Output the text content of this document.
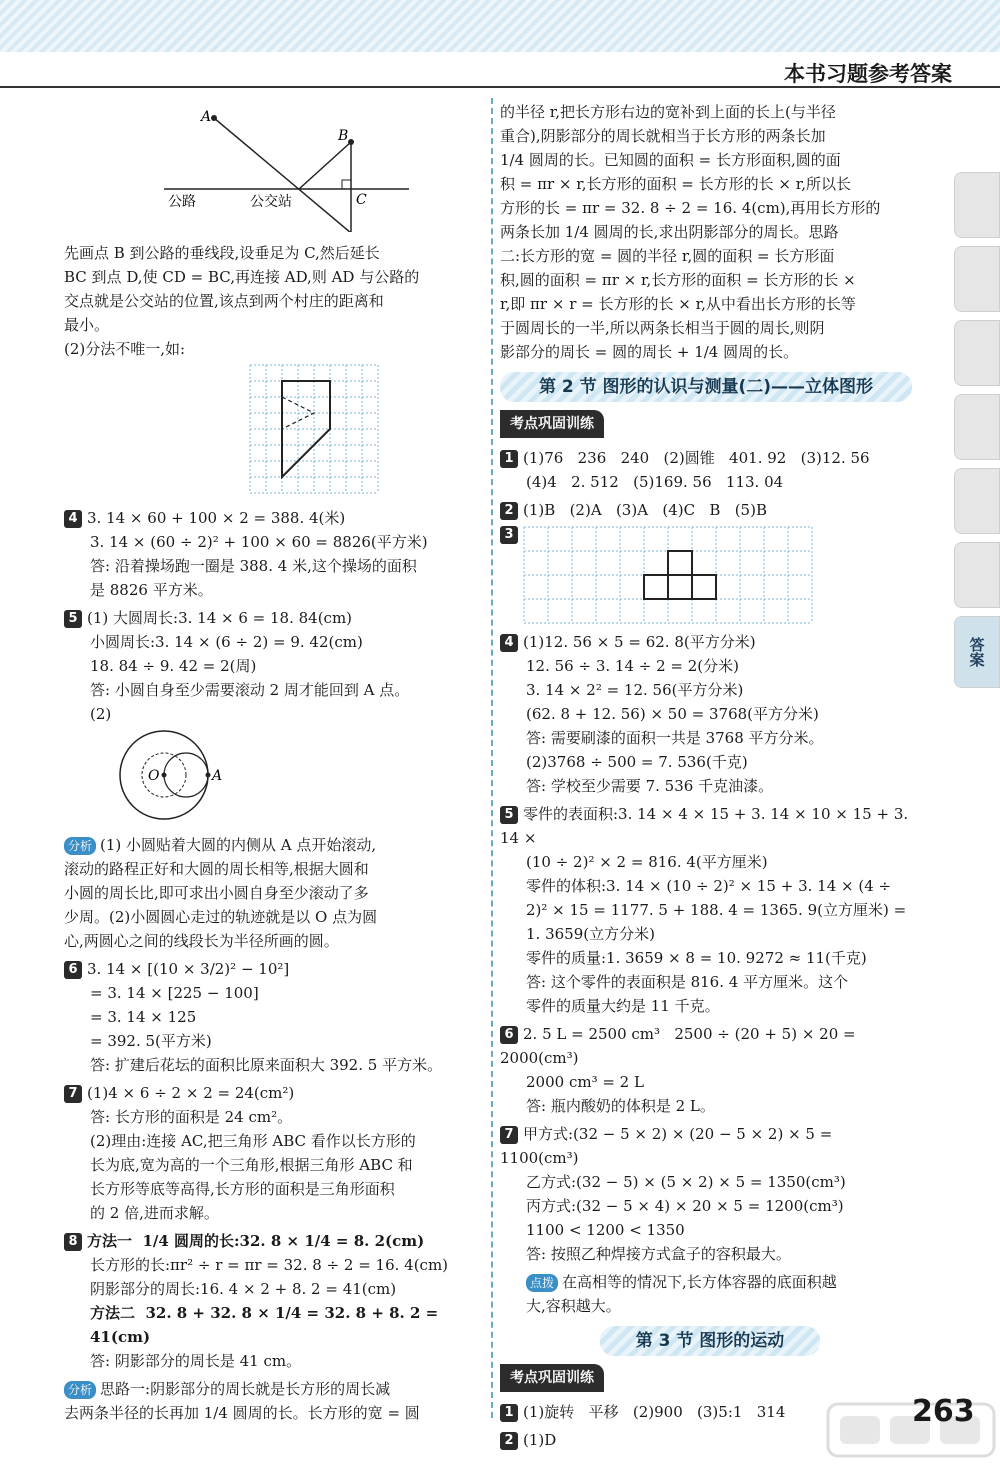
本书习题参考答案
答案
A
B
C
公路	公交站

先画点 B 到公路的垂线段,设垂足为 C,然后延长

BC 到点 D,使 CD = BC,再连接 AD,则 AD 与公路的

交点就是公交站的位置,该点到两个村庄的距离和

最小。

(2)分法不唯一,如:

4 3. 14 × 60 + 100 × 2 = 388. 4(米)

3. 14 × (60 ÷ 2)² + 100 × 60 = 8826(平方米)

答: 沿着操场跑一圈是 388. 4 米,这个操场的面积

是 8826 平方米。

5 (1) 大圆周长:3. 14 × 6 = 18. 84(cm)

小圆周长:3. 14 × (6 ÷ 2) = 9. 42(cm)

18. 84 ÷ 9. 42 = 2(周)

答: 小圆自身至少需要滚动 2 周才能回到 A 点。

(2)

O	A

分析 (1) 小圆贴着大圆的内侧从 A 点开始滚动,

滚动的路程正好和大圆的周长相等,根据大圆和

小圆的周长比,即可求出小圆自身至少滚动了多

少周。(2)小圆圆心走过的轨迹就是以 O 点为圆

心,两圆心之间的线段长为半径所画的圆。

6 3. 14 × [(10 × 3/2)² − 10²]

= 3. 14 × [225 − 100]

= 3. 14 × 125

= 392. 5(平方米)

答: 扩建后花坛的面积比原来面积大 392. 5 平方米。

7 (1)4 × 6 ÷ 2 × 2 = 24(cm²)

答: 长方形的面积是 24 cm²。

(2)理由:连接 AC,把三角形 ABC 看作以长方形的

长为底,宽为高的一个三角形,根据三角形 ABC 和

长方形等底等高得,长方形的面积是三角形面积

的 2 倍,进而求解。

8 方法一  1/4 圆周的长:32. 8 × 1/4 = 8. 2(cm)

长方形的长:πr² ÷ r = πr = 32. 8 ÷ 2 = 16. 4(cm)

阴影部分的周长:16. 4 × 2 + 8. 2 = 41(cm)

方法二  32. 8 + 32. 8 × 1/4 = 32. 8 + 8. 2 = 41(cm)

答: 阴影部分的周长是 41 cm。

分析 思路一:阴影部分的周长就是长方形的周长减

去两条半径的长再加 1/4 圆周的长。长方形的宽 = 圆

的半径 r,把长方形右边的宽补到上面的长上(与半径

重合),阴影部分的周长就相当于长方形的两条长加

1/4 圆周的长。已知圆的面积 = 长方形面积,圆的面

积 = πr × r,长方形的面积 = 长方形的长 × r,所以长

方形的长 = πr = 32. 8 ÷ 2 = 16. 4(cm),再用长方形的

两条长加 1/4 圆周的长,求出阴影部分的周长。思路

二:长方形的宽 = 圆的半径 r,圆的面积 = 长方形面

积,圆的面积 = πr × r,长方形的面积 = 长方形的长 ×

r,即 πr × r = 长方形的长 × r,从中看出长方形的长等

于圆周长的一半,所以两条长相当于圆的周长,则阴

影部分的周长 = 圆的周长 + 1/4 圆周的长。

第 2 节 图形的认识与测量(二)——立体图形
考点巩固训练

1 (1)76   236   240   (2)圆锥   401. 92   (3)12. 56

(4)4   2. 512   (5)169. 56   113. 04

2 (1)B   (2)A   (3)A   (4)C   B   (5)B

3

4 (1)12. 56 × 5 = 62. 8(平方分米)

12. 56 ÷ 3. 14 ÷ 2 = 2(分米)

3. 14 × 2² = 12. 56(平方分米)

(62. 8 + 12. 56) × 50 = 3768(平方分米)

答: 需要刷漆的面积一共是 3768 平方分米。

(2)3768 ÷ 500 = 7. 536(千克)

答: 学校至少需要 7. 536 千克油漆。

5 零件的表面积:3. 14 × 4 × 15 + 3. 14 × 10 × 15 + 3. 14 ×

(10 ÷ 2)² × 2 = 816. 4(平方厘米)

零件的体积:3. 14 × (10 ÷ 2)² × 15 + 3. 14 × (4 ÷

2)² × 15 = 1177. 5 + 188. 4 = 1365. 9(立方厘米) =

1. 3659(立方分米)

零件的质量:1. 3659 × 8 = 10. 9272 ≈ 11(千克)

答: 这个零件的表面积是 816. 4 平方厘米。这个

零件的质量大约是 11 千克。

6 2. 5 L = 2500 cm³   2500 ÷ (20 + 5) × 20 = 2000(cm³)

2000 cm³ = 2 L

答: 瓶内酸奶的体积是 2 L。

7 甲方式:(32 − 5 × 2) × (20 − 5 × 2) × 5 = 1100(cm³)

乙方式:(32 − 5) × (5 × 2) × 5 = 1350(cm³)

丙方式:(32 − 5 × 4) × 20 × 5 = 1200(cm³)

1100 < 1200 < 1350

答: 按照乙种焊接方式盒子的容积最大。

点拨 在高相等的情况下,长方体容器的底面积越

大,容积越大。

第 3 节 图形的运动
考点巩固训练

1 (1)旋转   平移   (2)900   (3)5:1   314

2 (1)D

263
